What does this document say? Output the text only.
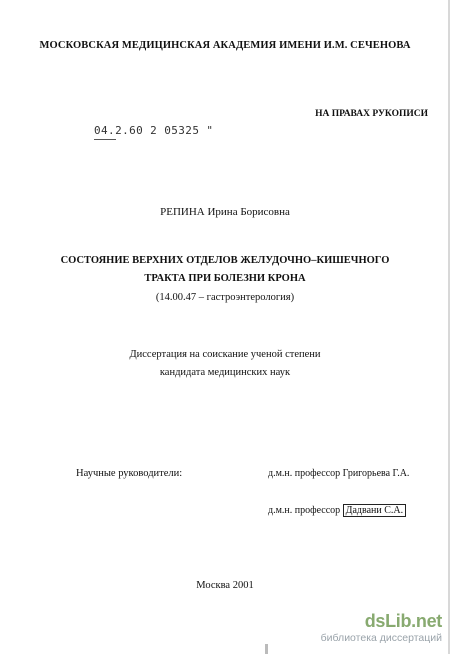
МОСКОВСКАЯ МЕДИЦИНСКАЯ АКАДЕМИЯ ИМЕНИ И.М. СЕЧЕНОВА
НА ПРАВАХ РУКОПИСИ
04.2.60 2 05325 "
РЕПИНА Ирина Борисовна
СОСТОЯНИЕ ВЕРХНИХ ОТДЕЛОВ ЖЕЛУДОЧНО–КИШЕЧНОГО
ТРАКТА ПРИ БОЛЕЗНИ КРОНА
(14.00.47 – гастроэнтерология)
Диссертация на соискание ученой степени
кандидата медицинских наук
Научные руководители:	д.м.н. профессор Григорьева Г.А.
д.м.н. профессор Дадвани С.А.
Москва 2001
dsLib.net
библиотека диссертаций
